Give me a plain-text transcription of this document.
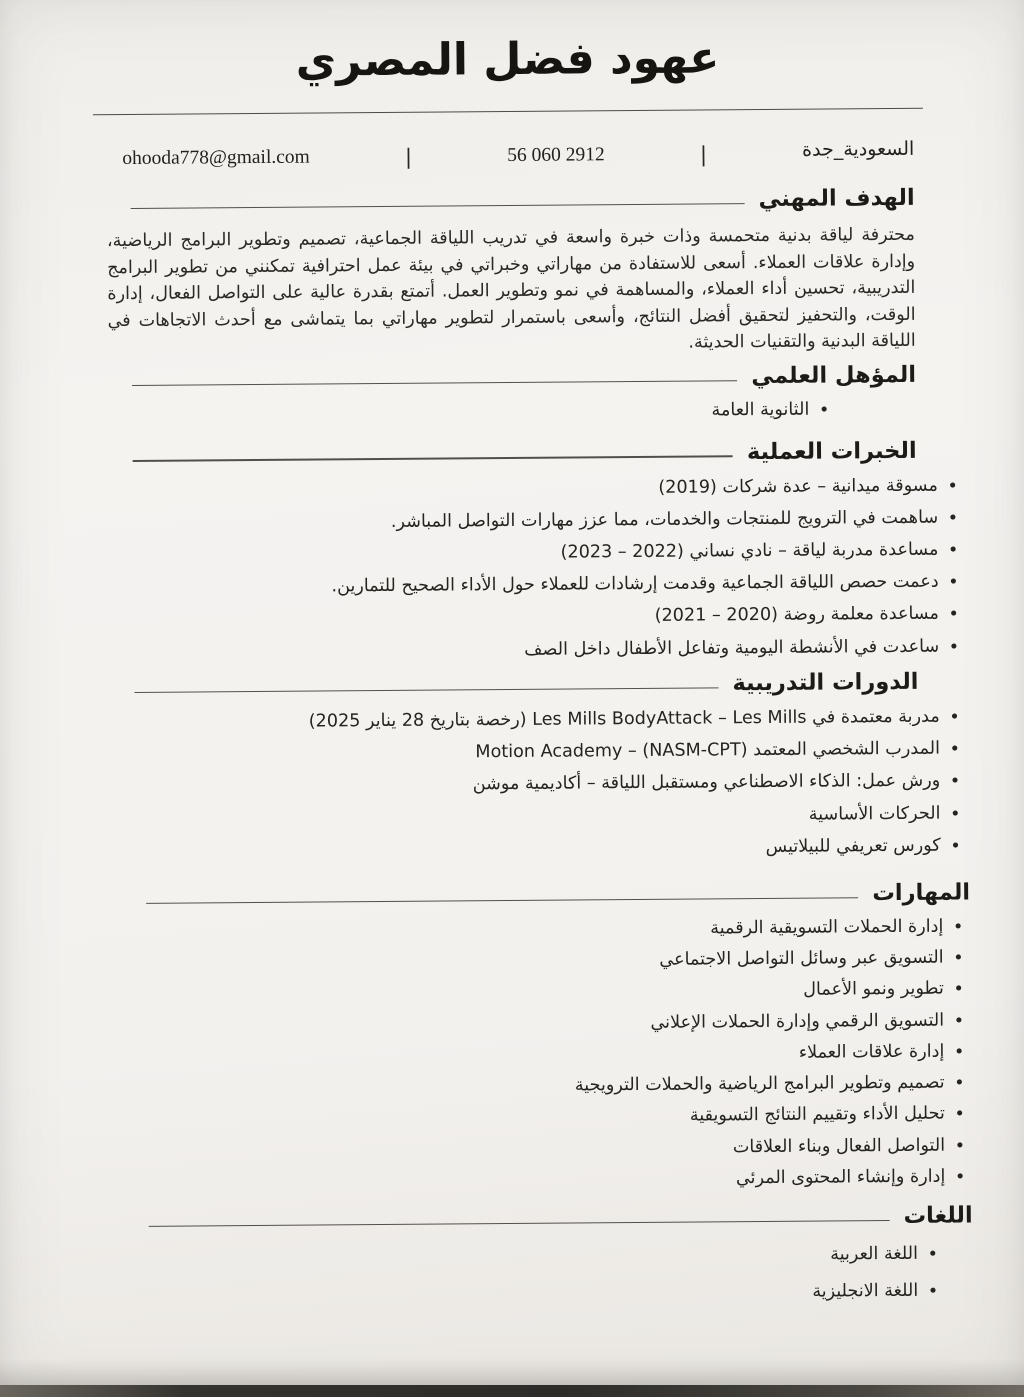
عهود فضل المصري
السعودية_جدة
|
56 060 2912
|
ohooda778@gmail.com
الهدف المهني

محترفة لياقة بدنية متحمسة وذات خبرة واسعة في تدريب اللياقة الجماعية، تصميم وتطوير البرامج الرياضية، وإدارة علاقات العملاء. أسعى للاستفادة من مهاراتي وخبراتي في بيئة عمل احترافية تمكنني من تطوير البرامج التدريبية، تحسين أداء العملاء، والمساهمة في نمو وتطوير العمل. أتمتع بقدرة عالية على التواصل الفعال، إدارة الوقت، والتحفيز لتحقيق أفضل النتائج، وأسعى باستمرار لتطوير مهاراتي بما يتماشى مع أحدث الاتجاهات في اللياقة البدنية والتقنيات الحديثة.

المؤهل العلمي
• الثانوية العامة
الخبرات العملية
• مسوقة ميدانية – عدة شركات (2019)
• ساهمت في الترويج للمنتجات والخدمات، مما عزز مهارات التواصل المباشر.
• مساعدة مدربة لياقة – نادي نساني (2022 – 2023)
• دعمت حصص اللياقة الجماعية وقدمت إرشادات للعملاء حول الأداء الصحيح للتمارين.
• مساعدة معلمة روضة (2020 – 2021)
• ساعدت في الأنشطة اليومية وتفاعل الأطفال داخل الصف
الدورات التدريبية
• مدربة معتمدة في Les Mills BodyAttack – Les Mills (رخصة بتاريخ 28 يناير 2025)
• المدرب الشخصي المعتمد (NASM-CPT) – Motion Academy
• ورش عمل: الذكاء الاصطناعي ومستقبل اللياقة – أكاديمية موشن
• الحركات الأساسية
• كورس تعريفي للبيلاتيس
المهارات
• إدارة الحملات التسويقية الرقمية
• التسويق عبر وسائل التواصل الاجتماعي
• تطوير ونمو الأعمال
• التسويق الرقمي وإدارة الحملات الإعلاني
• إدارة علاقات العملاء
• تصميم وتطوير البرامج الرياضية والحملات الترويجية
• تحليل الأداء وتقييم النتائج التسويقية
• التواصل الفعال وبناء العلاقات
• إدارة وإنشاء المحتوى المرئي
اللغات
• اللغة العربية
• اللغة الانجليزية
